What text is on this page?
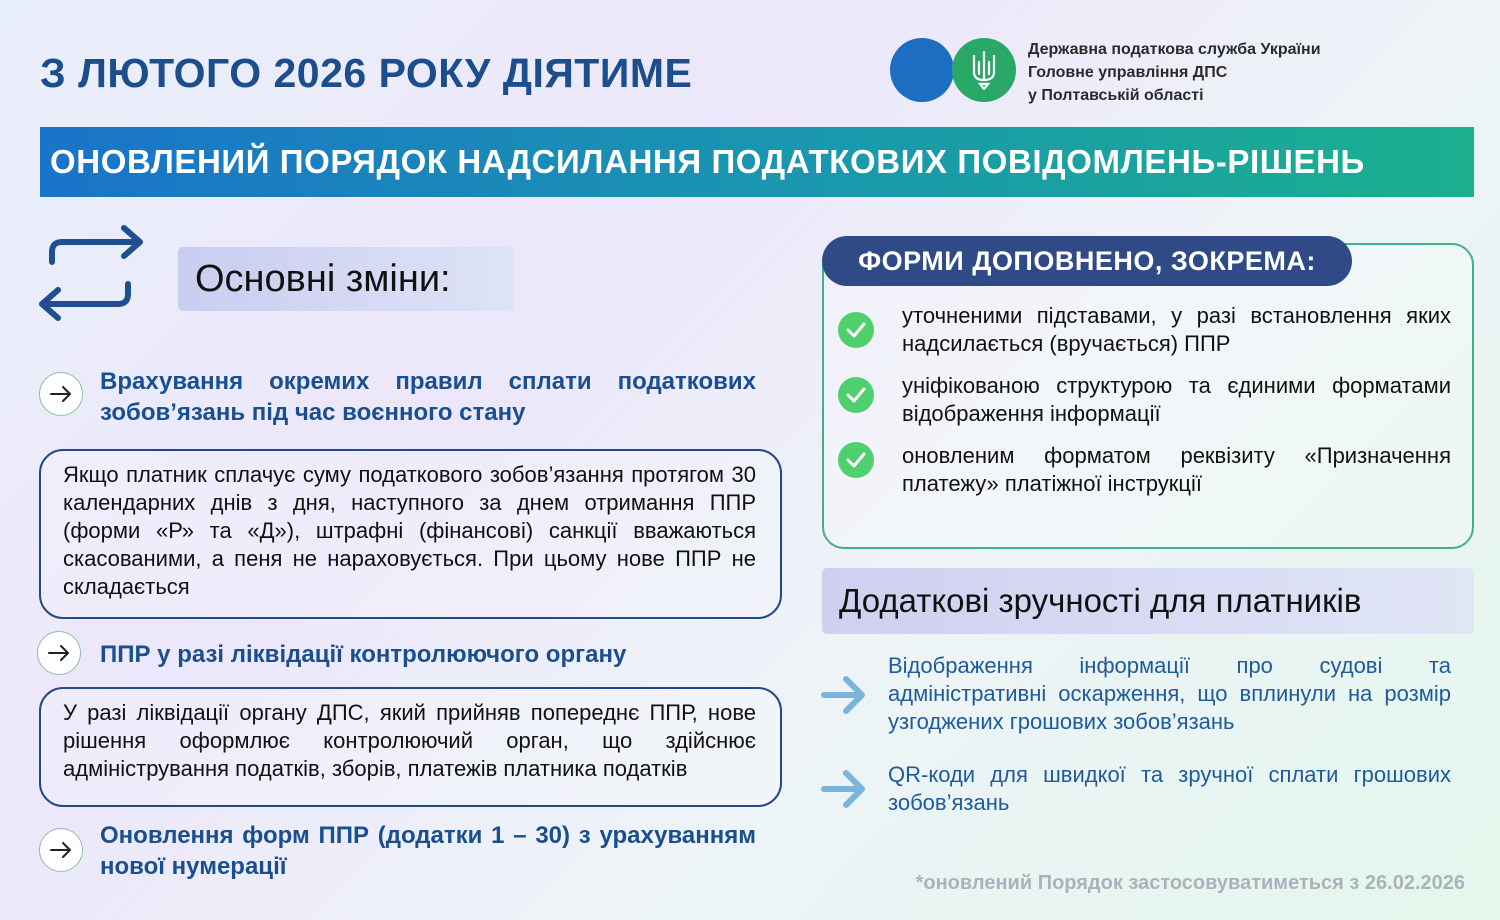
З ЛЮТОГО 2026 РОКУ ДІЯТИМЕ
Державна податкова служба України
Головне управління ДПС
у Полтавській області
ОНОВЛЕНИЙ ПОРЯДОК НАДСИЛАННЯ ПОДАТКОВИХ ПОВІДОМЛЕНЬ-РІШЕНЬ
Основні зміни:
Врахування окремих правил сплати податкових зобов’язань під час воєнного стану
Якщо платник сплачує суму податкового зобов’язання протягом 30 календарних днів з дня, наступного за днем отримання ППР (форми «Р» та «Д»), штрафні (фінансові) санкції вважаються скасованими, а пеня не нараховується. При цьому нове ППР не складається
ППР у разі ліквідації контролюючого органу
У разі ліквідації органу ДПС, який прийняв попереднє ППР, нове рішення оформлює контролюючий орган, що здійснює адміністрування податків, зборів, платежів платника податків
Оновлення форм ППР (додатки 1 – 30) з урахуванням нової нумерації
ФОРМИ ДОПОВНЕНО, ЗОКРЕМА:
уточненими підставами, у разі встановлення яких надсилається (вручається) ППР
уніфікованою структурою та єдиними форматами відображення інформації
оновленим форматом реквізиту «Призначення платежу» платіжної інструкції
Додаткові зручності для платників
Відображення інформації про судові та адміністративні оскарження, що вплинули на розмір узгоджених грошових зобов’язань
QR-коди для швидкої та зручної сплати грошових зобов’язань
*оновлений Порядок застосовуватиметься з 26.02.2026
